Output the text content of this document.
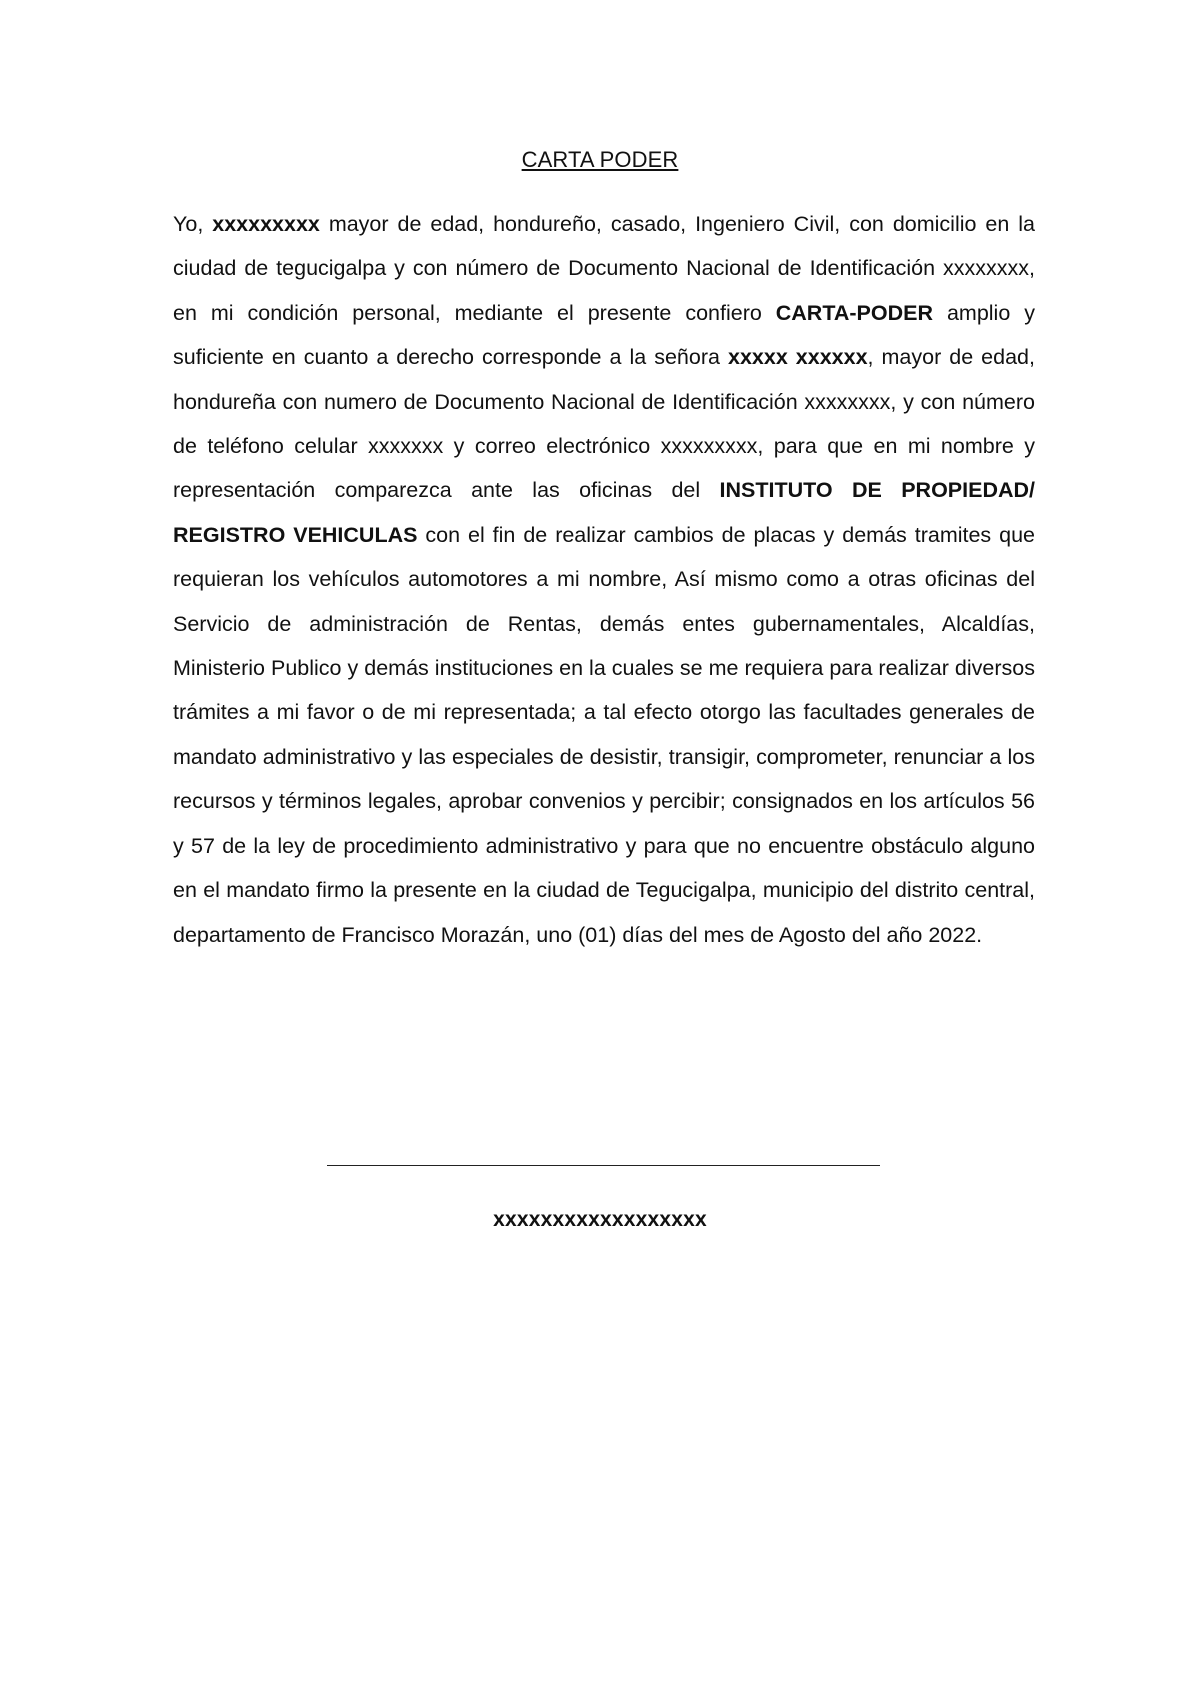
CARTA PODER

Yo, xxxxxxxxx mayor de edad, hondureño, casado, Ingeniero Civil, con domicilio en la ciudad de tegucigalpa y con número de Documento Nacional de Identificación xxxxxxxx, en mi condición personal, mediante el presente confiero CARTA-PODER amplio y suficiente en cuanto a derecho corresponde a la señora xxxxx xxxxxx, mayor de edad, hondureña con numero de Documento Nacional de Identificación xxxxxxxx, y con número de teléfono celular xxxxxxx y correo electrónico xxxxxxxxx, para que en mi nombre y representación comparezca ante las oficinas del INSTITUTO DE PROPIEDAD/ REGISTRO VEHICULAS con el fin de realizar cambios de placas y demás tramites que requieran los vehículos automotores a mi nombre, Así mismo como a otras oficinas del Servicio de administración de Rentas, demás entes gubernamentales, Alcaldías, Ministerio Publico y demás instituciones en la cuales se me requiera para realizar diversos trámites a mi favor o de mi representada; a tal efecto otorgo las facultades generales de mandato administrativo y las especiales de desistir, transigir, comprometer, renunciar a los recursos y términos legales, aprobar convenios y percibir; consignados en los artículos 56 y 57 de la ley de procedimiento administrativo y para que no encuentre obstáculo alguno en el mandato firmo la presente en la ciudad de Tegucigalpa, municipio del distrito central, departamento de Francisco Morazán, uno (01) días del mes de Agosto del año 2022.

xxxxxxxxxxxxxxxxxx
